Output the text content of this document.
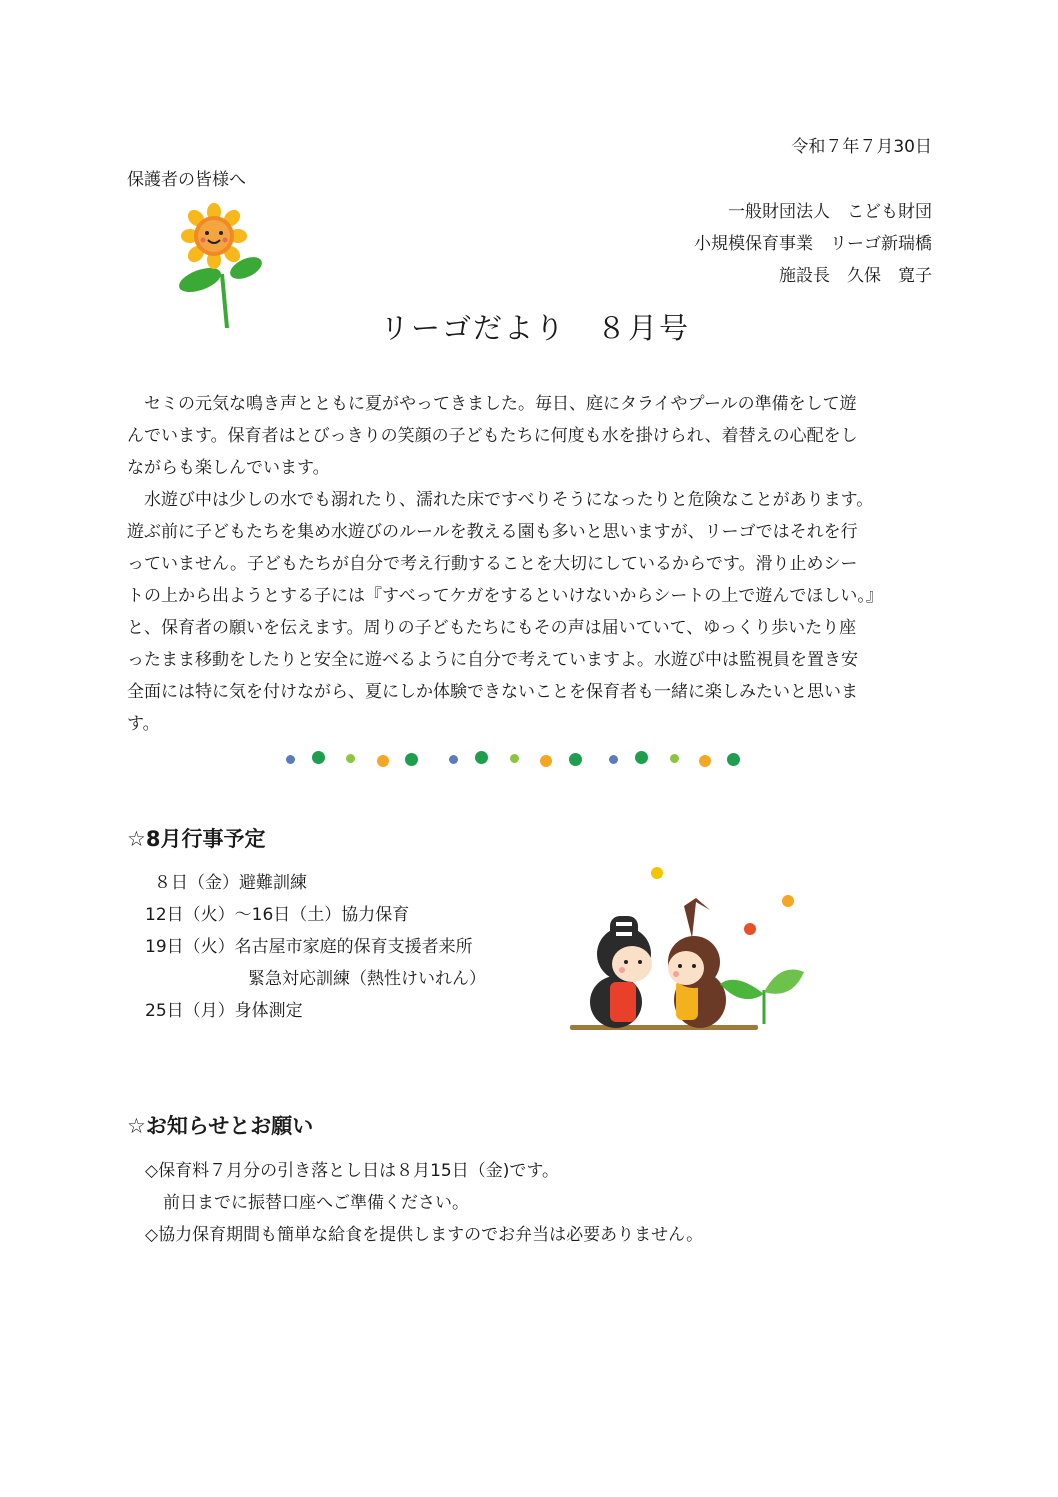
令和７年７月30日
保護者の皆様へ
一般財団法人　こども財団
小規模保育事業　リーゴ新瑞橋
施設長　久保　寛子
リーゴだより　８月号
　セミの元気な鳴き声とともに夏がやってきました。毎日、庭にタライやプールの準備をして遊
んでいます。保育者はとびっきりの笑顔の子どもたちに何度も水を掛けられ、着替えの心配をし
ながらも楽しんでいます。
　水遊び中は少しの水でも溺れたり、濡れた床ですべりそうになったりと危険なことがあります。
遊ぶ前に子どもたちを集め水遊びのルールを教える園も多いと思いますが、リーゴではそれを行
っていません。子どもたちが自分で考え行動することを大切にしているからです。滑り止めシー
トの上から出ようとする子には『すべってケガをするといけないからシートの上で遊んでほしい。』
と、保育者の願いを伝えます。周りの子どもたちにもその声は届いていて、ゆっくり歩いたり座
ったまま移動をしたりと安全に遊べるように自分で考えていますよ。水遊び中は監視員を置き安
全面には特に気を付けながら、夏にしか体験できないことを保育者も一緒に楽しみたいと思いま
す。
☆8月行事予定
８日（金）避難訓練
12日（火）～16日（土）協力保育
19日（火）名古屋市家庭的保育支援者来所
緊急対応訓練（熱性けいれん）
25日（月）身体測定
☆お知らせとお願い
◇保育料７月分の引き落とし日は８月15日（金)です。
前日までに振替口座へご準備ください。
◇協力保育期間も簡単な給食を提供しますのでお弁当は必要ありません。
